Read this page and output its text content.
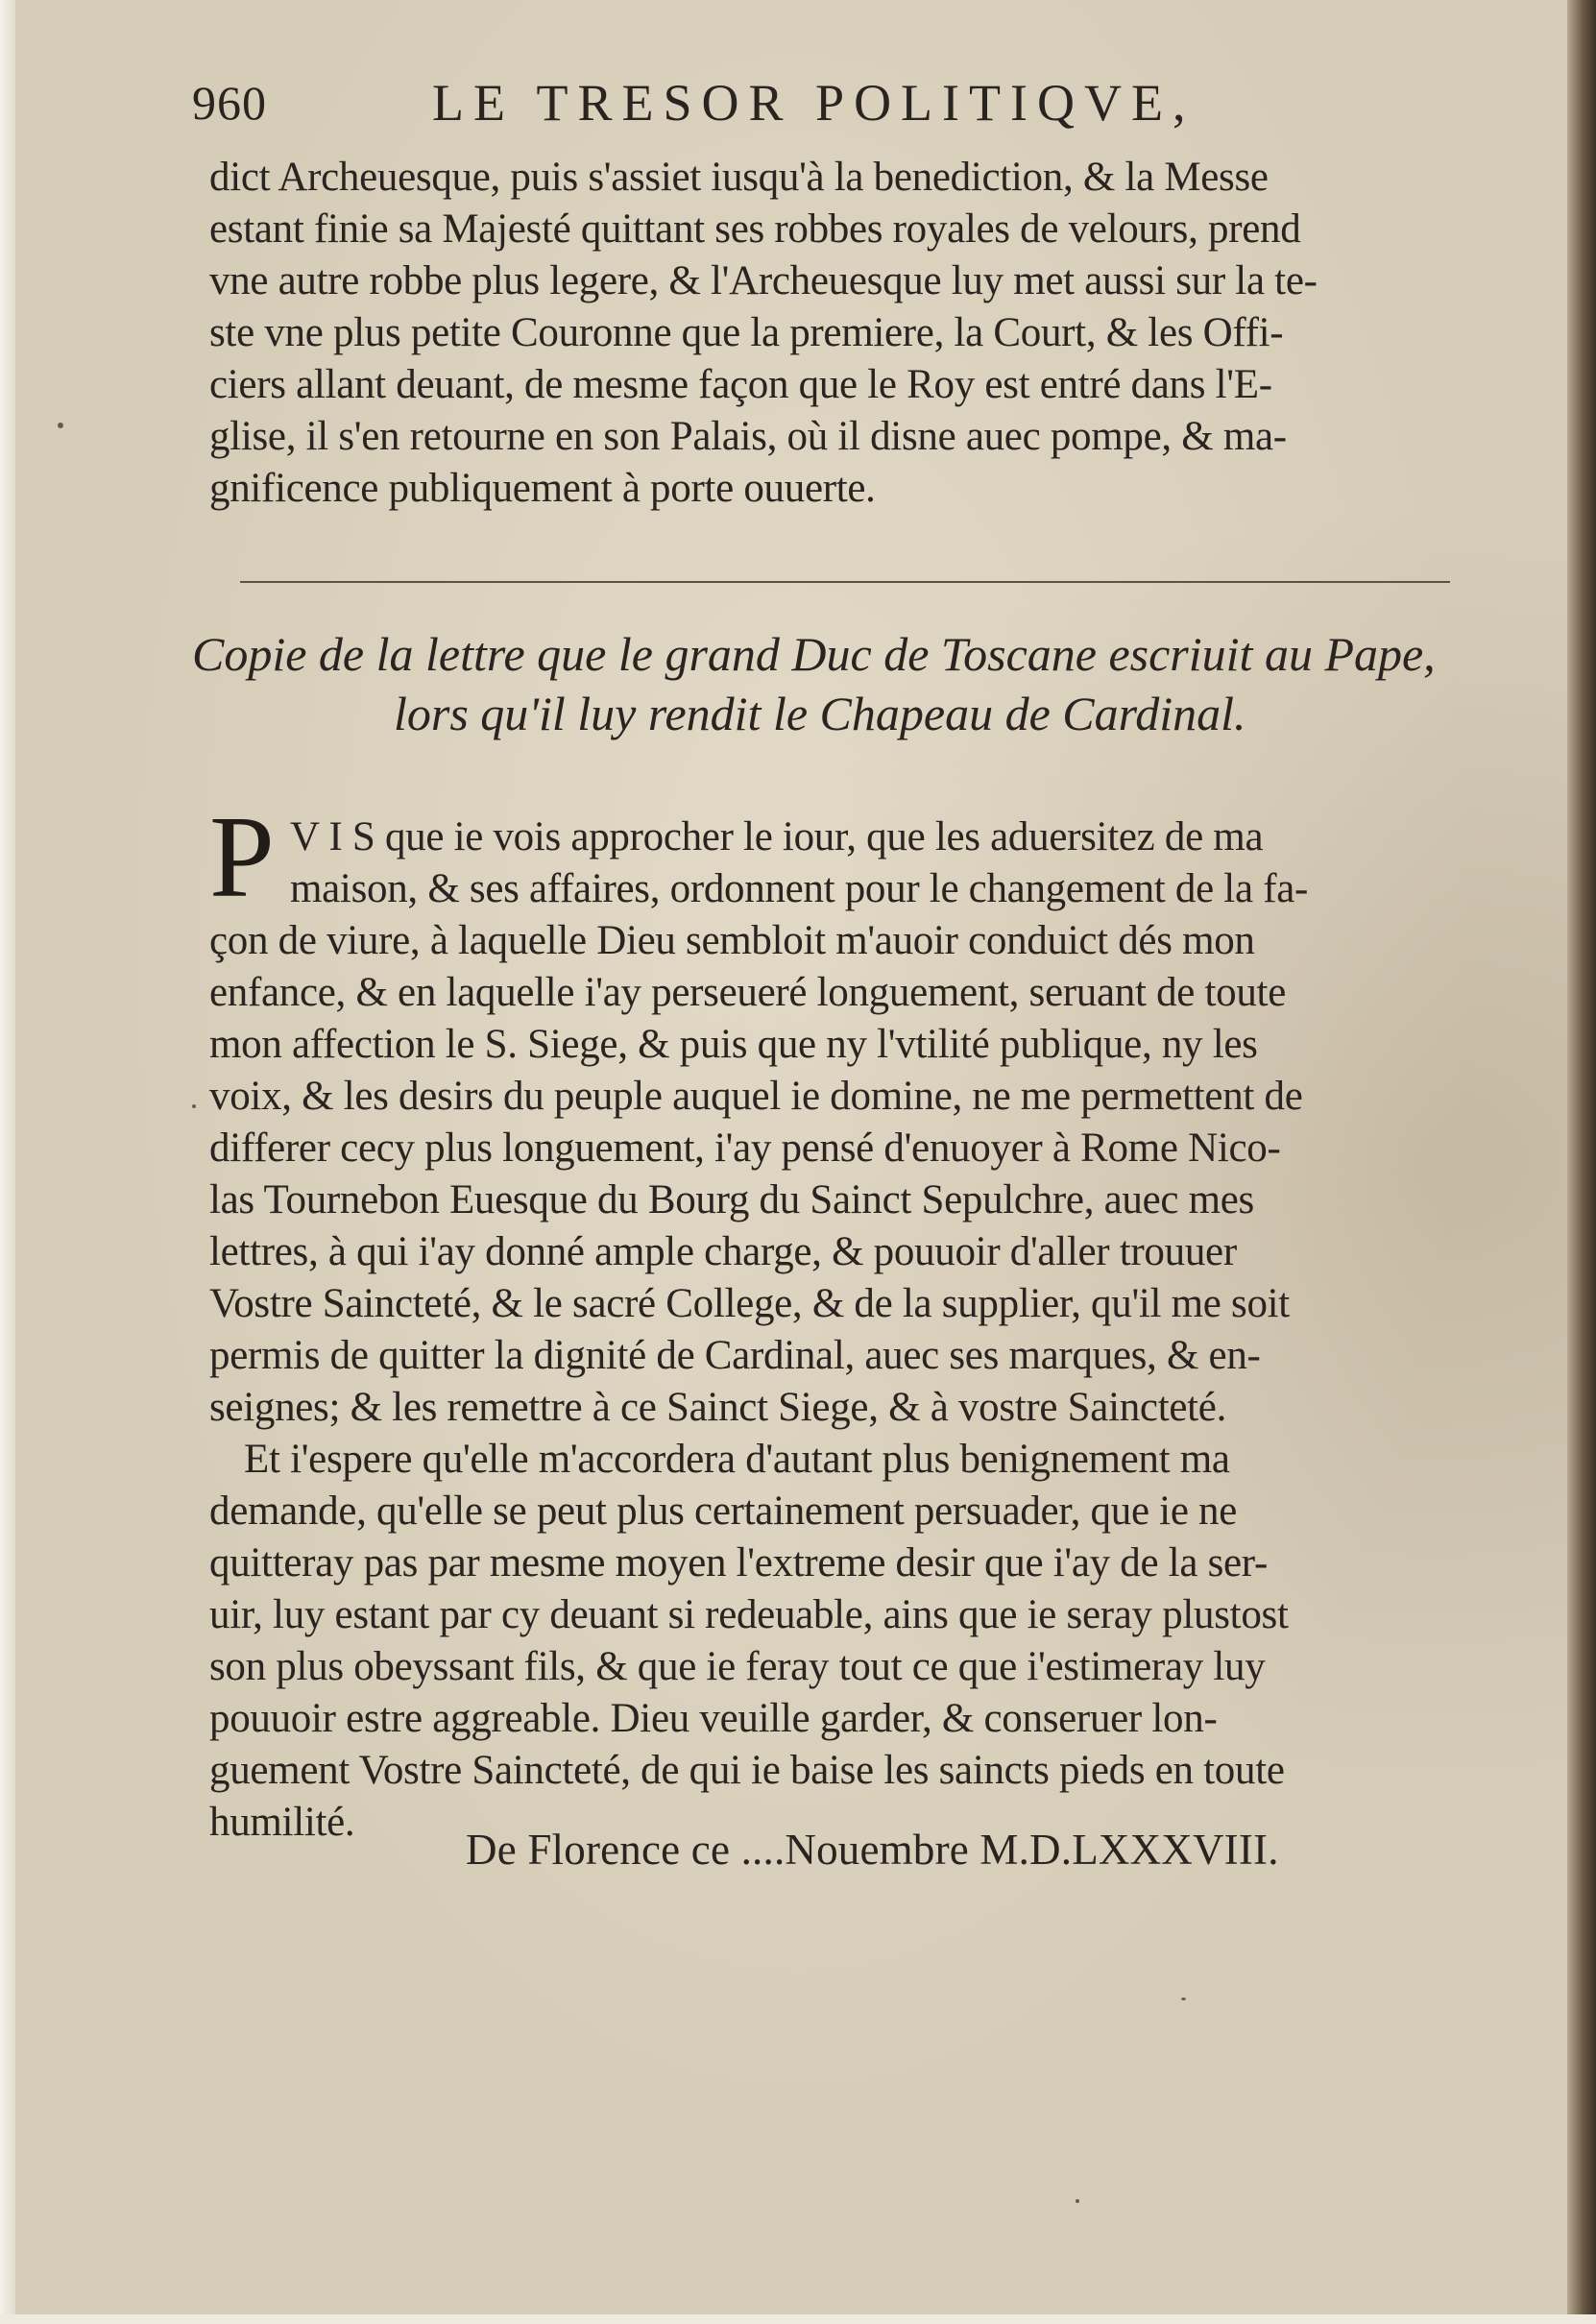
960	LE TRESOR POLITIQVE,
dict Archeuesque, puis s'assiet iusqu'à la benediction, & la Messe
estant finie sa Majesté quittant ses robbes royales de velours, prend
vne autre robbe plus legere, & l'Archeuesque luy met aussi sur la te-
ste vne plus petite Couronne que la premiere, la Court, & les Offi-
ciers allant deuant, de mesme façon que le Roy est entré dans l'E-
glise, il s'en retourne en son Palais, où il disne auec pompe, & ma-
gnificence publiquement à porte ouuerte.
Copie de la lettre que le grand Duc de Toscane escriuit au Pape,
lors qu'il luy rendit le Chapeau de Cardinal.
P V I S que ie vois approcher le iour, que les aduersitez de ma
maison, & ses affaires, ordonnent pour le changement de la fa-
çon de viure, à laquelle Dieu sembloit m'auoir conduict dés mon
enfance, & en laquelle i'ay perseueré longuement, seruant de toute
mon affection le S. Siege, & puis que ny l'vtilité publique, ny les
voix, & les desirs du peuple auquel ie domine, ne me permettent de
differer cecy plus longuement, i'ay pensé d'enuoyer à Rome Nico-
las Tournebon Euesque du Bourg du Sainct Sepulchre, auec mes
lettres, à qui i'ay donné ample charge, & pouuoir d'aller trouuer
Vostre Saincteté, & le sacré College, & de la supplier, qu'il me soit
permis de quitter la dignité de Cardinal, auec ses marques, & en-
seignes; & les remettre à ce Sainct Siege, & à vostre Saincteté.
Et i'espere qu'elle m'accordera d'autant plus benignement ma
demande, qu'elle se peut plus certainement persuader, que ie ne
quitteray pas par mesme moyen l'extreme desir que i'ay de la ser-
uir, luy estant par cy deuant si redeuable, ains que ie seray plustost
son plus obeyssant fils, & que ie feray tout ce que i'estimeray luy
pouuoir estre aggreable. Dieu veuille garder, & conseruer lon-
guement Vostre Saincteté, de qui ie baise les saincts pieds en toute
humilité.
De Florence ce ....Nouembre M.D.LXXXVIII.
